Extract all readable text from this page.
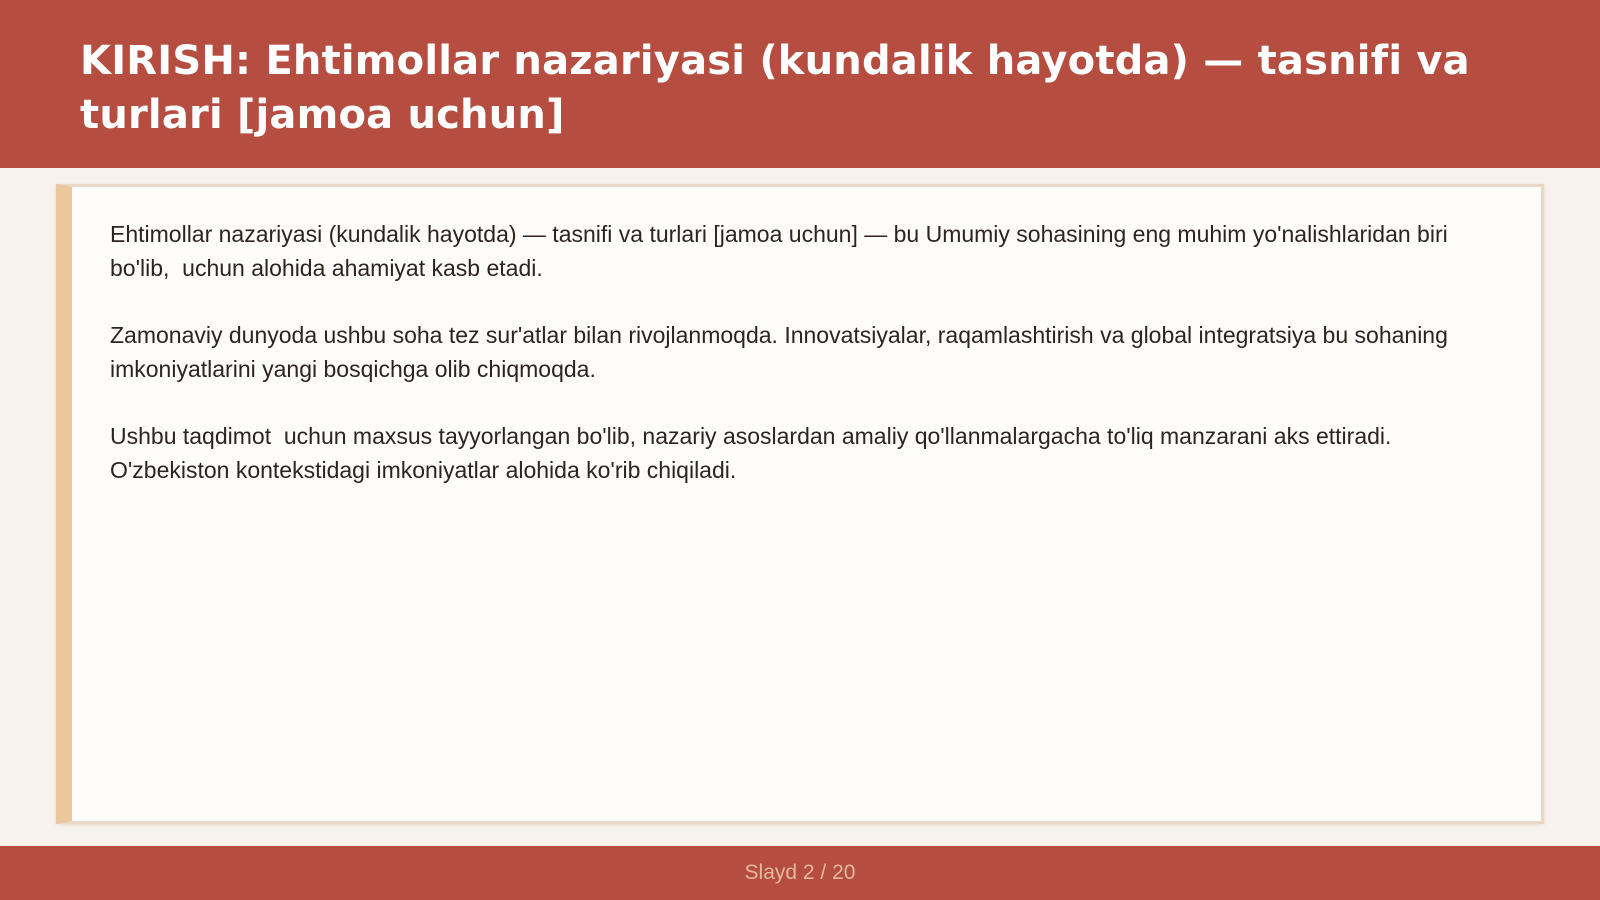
KIRISH: Ehtimollar nazariyasi (kundalik hayotda) — tasnifi va turlari [jamoa uchun]

Ehtimollar nazariyasi (kundalik hayotda) — tasnifi va turlari [jamoa uchun] — bu Umumiy sohasining eng muhim yo'nalishlaridan biri bo'lib,  uchun alohida ahamiyat kasb etadi.

Zamonaviy dunyoda ushbu soha tez sur'atlar bilan rivojlanmoqda. Innovatsiyalar, raqamlashtirish va global integratsiya bu sohaning imkoniyatlarini yangi bosqichga olib chiqmoqda.

Ushbu taqdimot  uchun maxsus tayyorlangan bo'lib, nazariy asoslardan amaliy qo'llanmalargacha to'liq manzarani aks ettiradi. O'zbekiston kontekstidagi imkoniyatlar alohida ko'rib chiqiladi.

Slayd 2 / 20
